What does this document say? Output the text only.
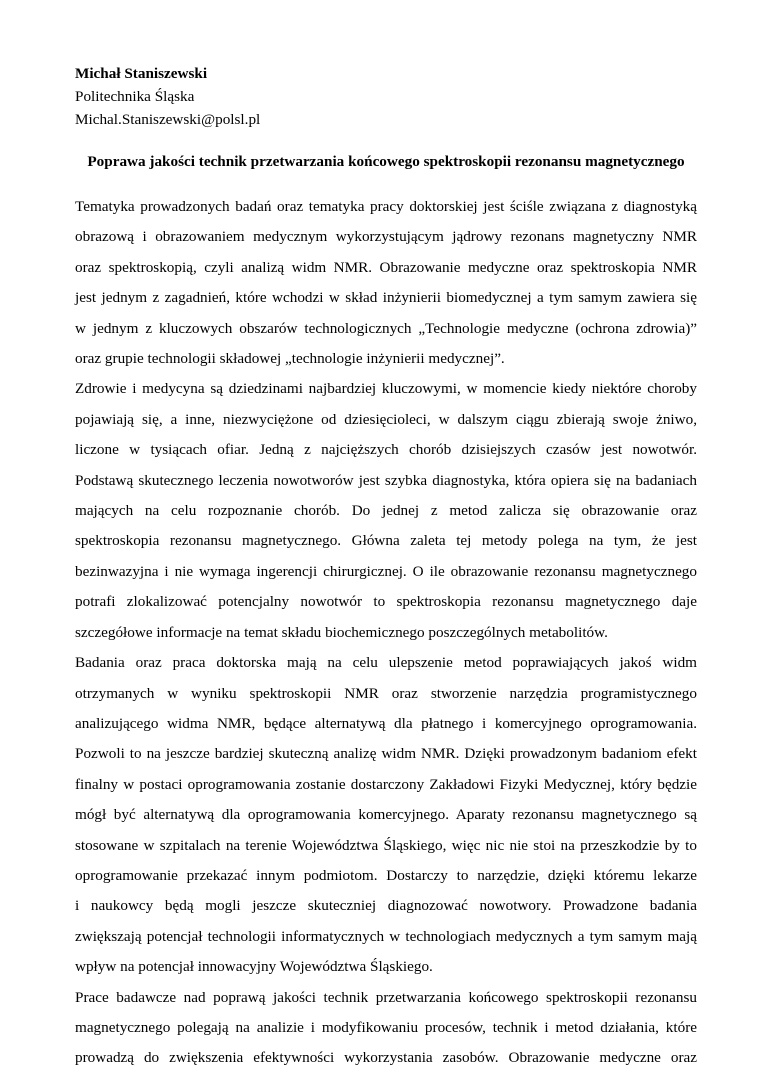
Michał Staniszewski
Politechnika Śląska
Michal.Staniszewski@polsl.pl
Poprawa jakości technik przetwarzania końcowego spektroskopii rezonansu magnetycznego
Tematyka prowadzonych badań oraz tematyka pracy doktorskiej jest ściśle związana z diagnostyką
obrazową i obrazowaniem medycznym wykorzystującym jądrowy rezonans magnetyczny NMR
oraz spektroskopią, czyli analizą widm NMR. Obrazowanie medyczne oraz spektroskopia NMR
jest jednym z zagadnień, które wchodzi w skład inżynierii biomedycznej a tym samym zawiera się
w jednym z kluczowych obszarów technologicznych „Technologie medyczne (ochrona zdrowia)”
oraz grupie technologii składowej „technologie inżynierii medycznej”.
Zdrowie i medycyna są dziedzinami najbardziej kluczowymi, w momencie kiedy niektóre choroby
pojawiają się, a inne, niezwyciężone od dziesięcioleci, w dalszym ciągu zbierają swoje żniwo,
liczone w tysiącach ofiar. Jedną z najcięższych chorób dzisiejszych czasów jest nowotwór.
Podstawą skutecznego leczenia nowotworów jest szybka diagnostyka, która opiera się na badaniach
mających na celu rozpoznanie chorób. Do jednej z metod zalicza się obrazowanie oraz
spektroskopia rezonansu magnetycznego. Główna zaleta tej metody polega na tym, że jest
bezinwazyjna i nie wymaga ingerencji chirurgicznej. O ile obrazowanie rezonansu magnetycznego
potrafi zlokalizować potencjalny nowotwór to spektroskopia rezonansu magnetycznego daje
szczegółowe informacje na temat składu biochemicznego poszczególnych metabolitów.
Badania oraz praca doktorska mają na celu ulepszenie metod poprawiających jakoś widm
otrzymanych w wyniku spektroskopii NMR oraz stworzenie narzędzia programistycznego
analizującego widma NMR, będące alternatywą dla płatnego i komercyjnego oprogramowania.
Pozwoli to na jeszcze bardziej skuteczną analizę widm NMR. Dzięki prowadzonym badaniom efekt
finalny w postaci oprogramowania zostanie dostarczony Zakładowi Fizyki Medycznej, który będzie
mógł być alternatywą dla oprogramowania komercyjnego. Aparaty rezonansu magnetycznego są
stosowane w szpitalach na terenie Województwa Śląskiego, więc nic nie stoi na przeszkodzie by to
oprogramowanie przekazać innym podmiotom. Dostarczy to narzędzie, dzięki któremu lekarze
i naukowcy będą mogli jeszcze skuteczniej diagnozować nowotwory. Prowadzone badania
zwiększają potencjał technologii informatycznych w technologiach medycznych a tym samym mają
wpływ na potencjał innowacyjny Województwa Śląskiego.
Prace badawcze nad poprawą jakości technik przetwarzania końcowego spektroskopii rezonansu
magnetycznego polegają na analizie i modyfikowaniu procesów, technik i metod działania, które
prowadzą do zwiększenia efektywności wykorzystania zasobów. Obrazowanie medyczne oraz
